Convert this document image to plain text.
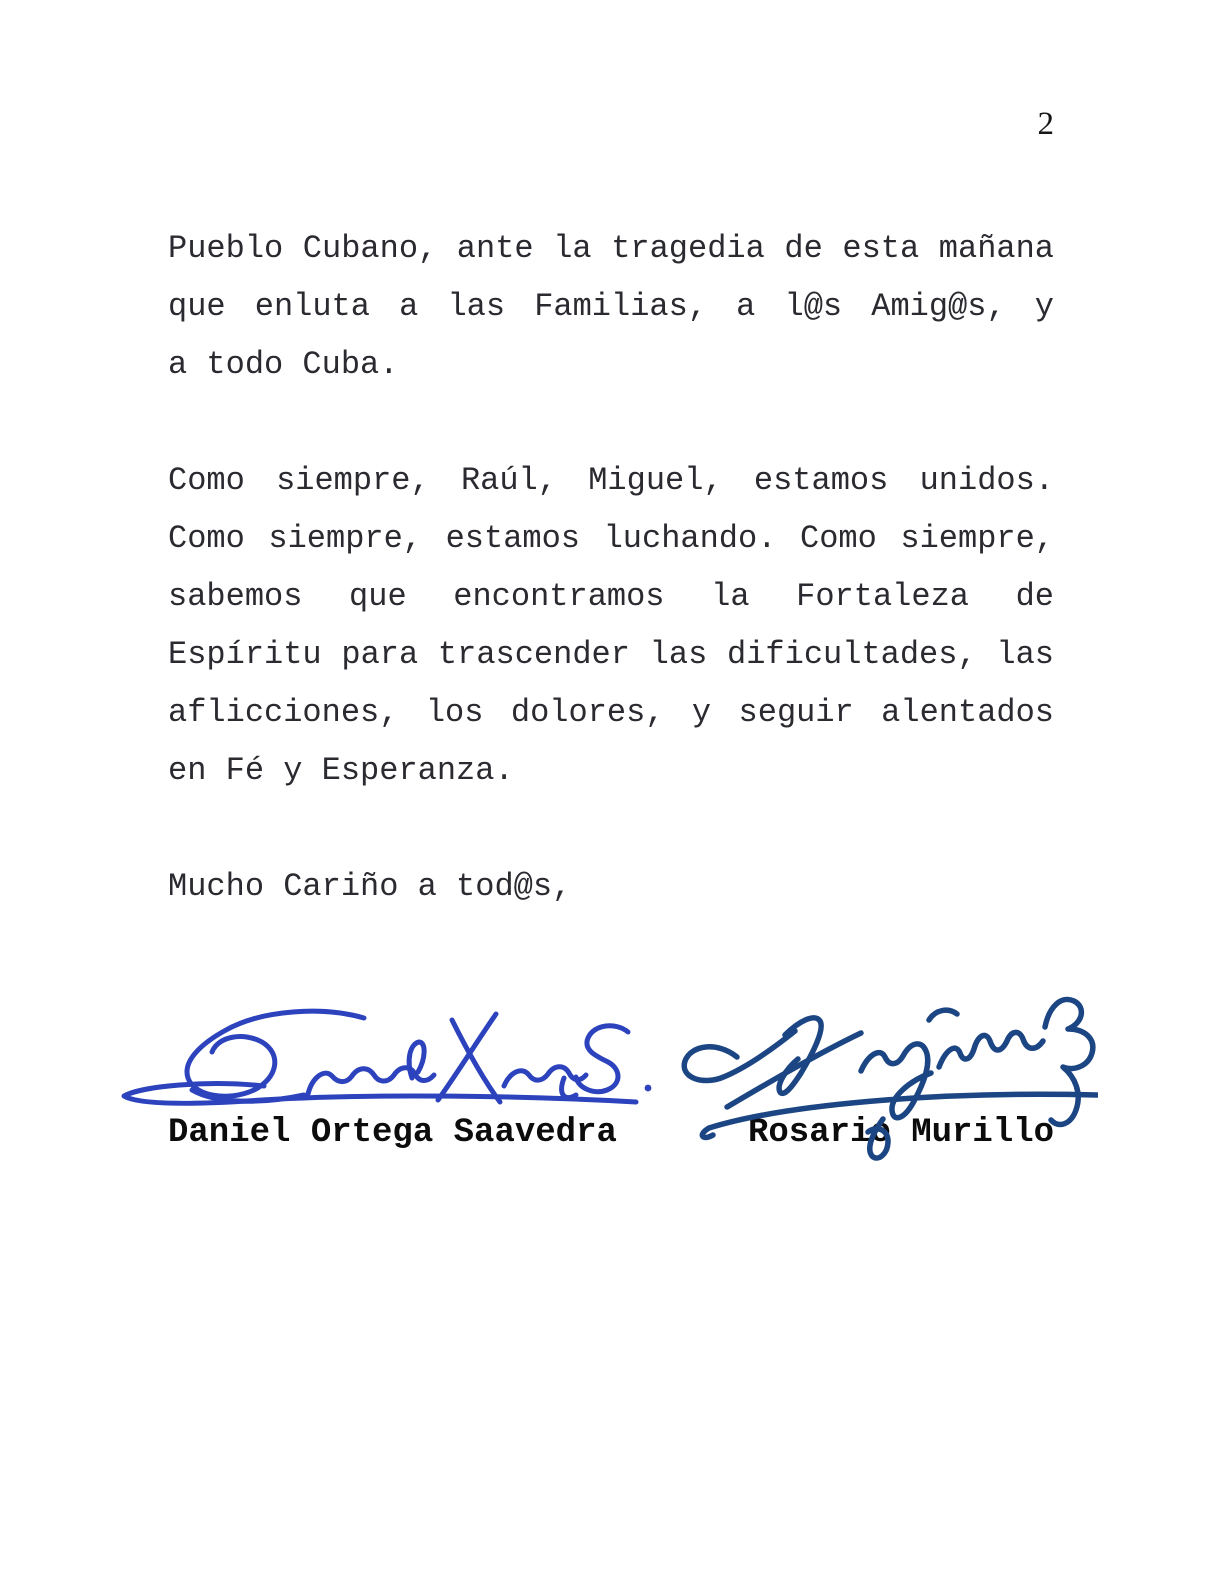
2
Pueblo Cubano, ante la tragedia de esta mañana
que enluta a las Familias, a l@s Amig@s, y
a todo Cuba.
Como siempre, Raúl, Miguel, estamos unidos.
Como siempre, estamos luchando. Como siempre,
sabemos que encontramos la Fortaleza de
Espíritu para trascender las dificultades, las
aflicciones, los dolores, y seguir alentados
en Fé y Esperanza.
Mucho Cariño a tod@s,
Daniel Ortega Saavedra	Rosario Murillo
